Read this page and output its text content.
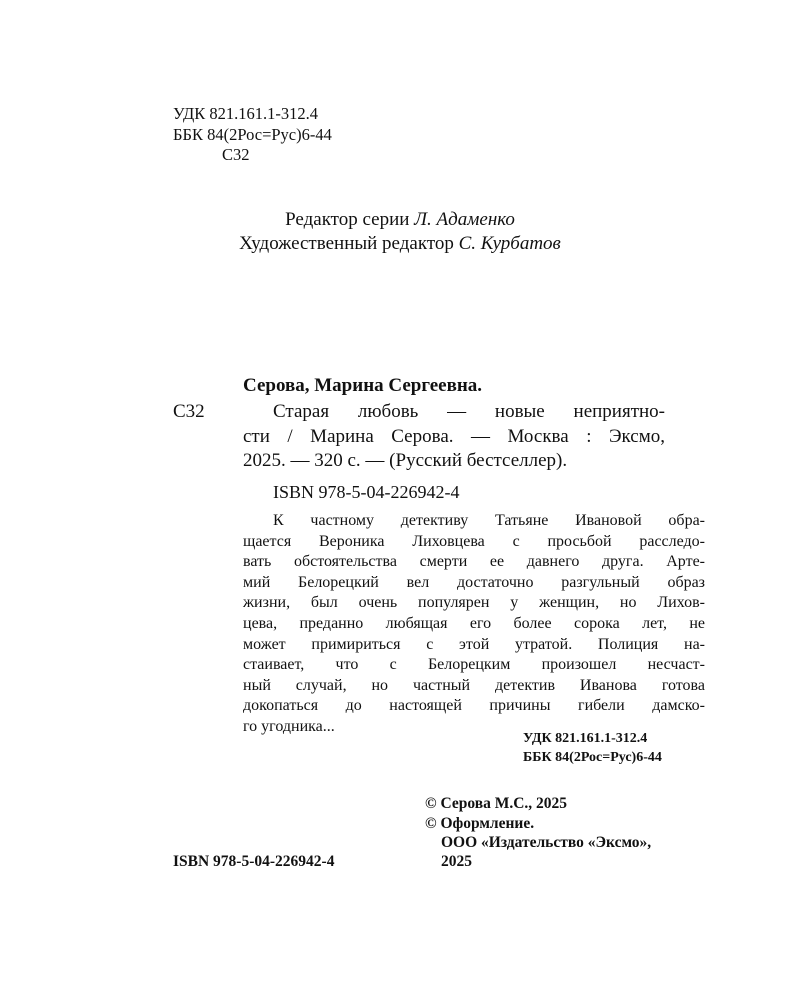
УДК 821.161.1-312.4
ББК 84(2Рос=Рус)6-44
С32
Редактор серии Л. Адаменко
Художественный редактор С. Курбатов
Серова, Марина Сергеевна.
С32	Старая любовь — новые неприятно-
сти / Марина Серова. — Москва : Эксмо,
2025. — 320 с. — (Русский бестселлер).
ISBN 978-5-04-226942-4
К частному детективу Татьяне Ивановой обра-
щается Вероника Лиховцева с просьбой расследо-
вать обстоятельства смерти ее давнего друга. Арте-
мий Белорецкий вел достаточно разгульный образ
жизни, был очень популярен у женщин, но Лихов-
цева, преданно любящая его более сорока лет, не
может примириться с этой утратой. Полиция на-
стаивает, что с Белорецким произошел несчаст-
ный случай, но частный детектив Иванова готова
докопаться до настоящей причины гибели дамско-
го угодника...
УДК 821.161.1-312.4
ББК 84(2Рос=Рус)6-44
© Серова М.С., 2025
© Оформление.
ООО «Издательство «Эксмо»,
2025
ISBN 978-5-04-226942-4
